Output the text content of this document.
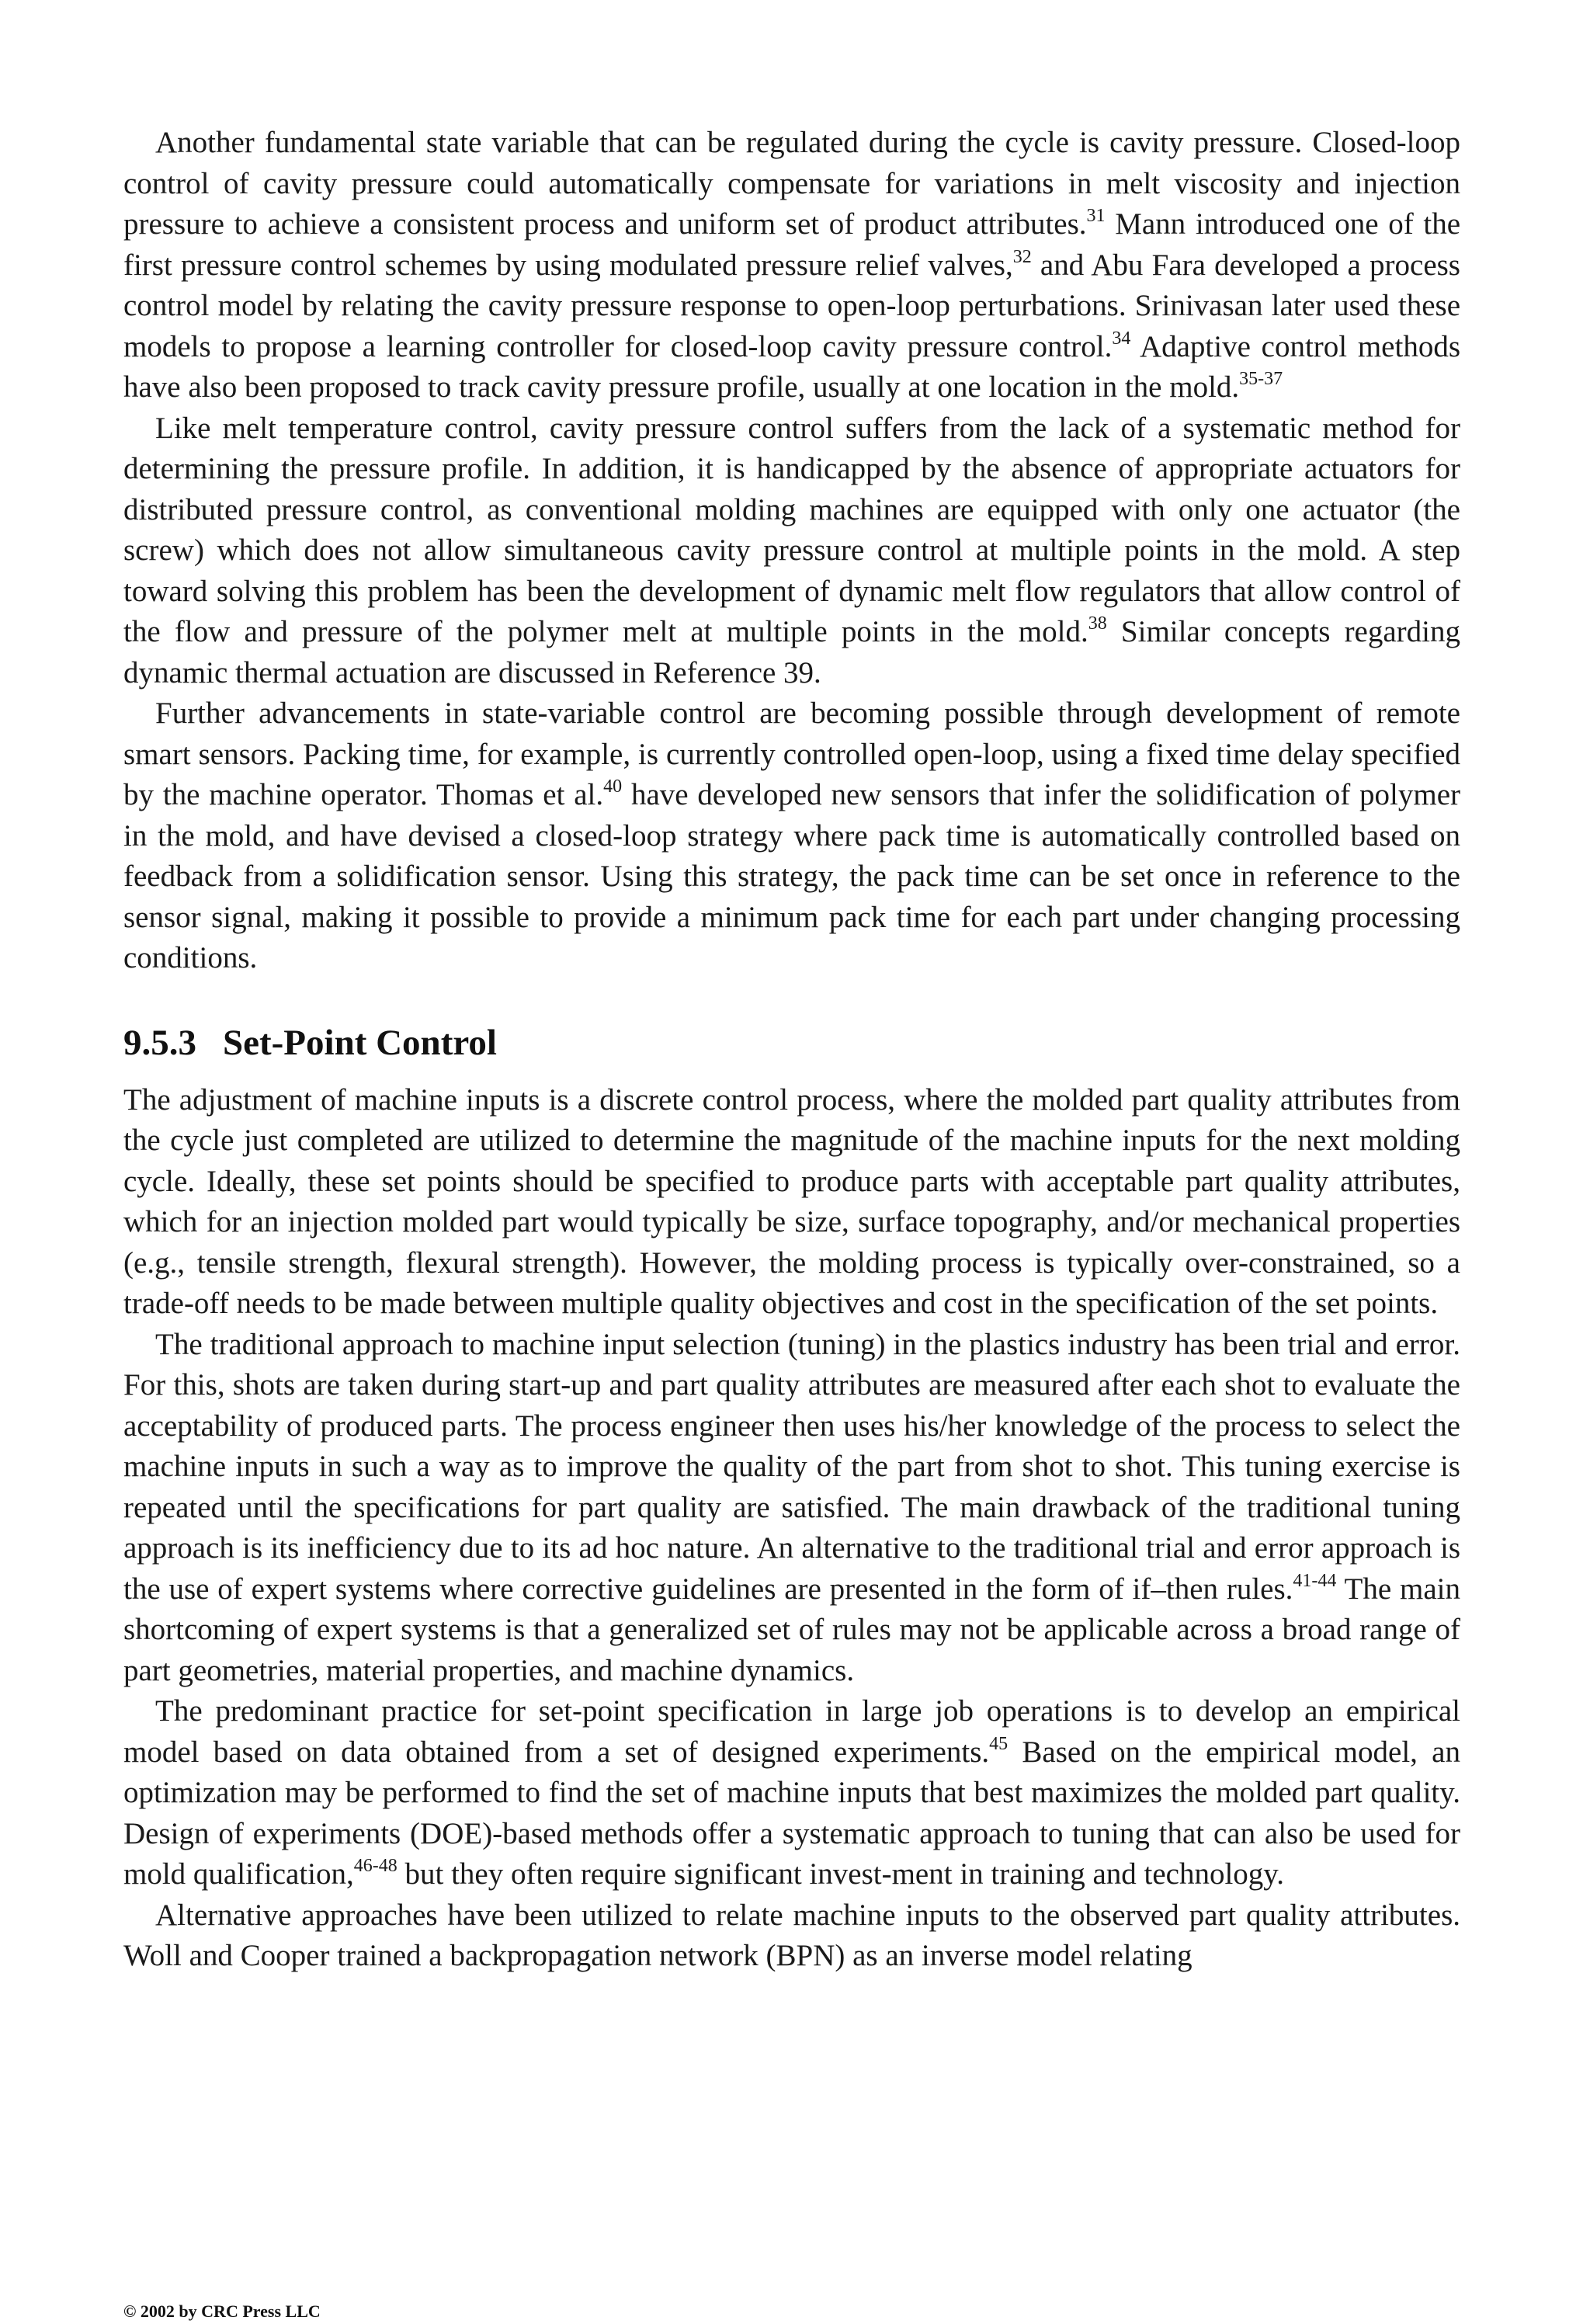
Another fundamental state variable that can be regulated during the cycle is cavity pressure. Closed-loop control of cavity pressure could automatically compensate for variations in melt viscosity and injection pressure to achieve a consistent process and uniform set of product attributes.$^{31}$ Mann introduced one of the first pressure control schemes by using modulated pressure relief valves,$^{32}$ and Abu Fara developed a process control model by relating the cavity pressure response to open-loop perturbations. Srinivasan later used these models to propose a learning controller for closed-loop cavity pressure control.$^{34}$ Adaptive control methods have also been proposed to track cavity pressure profile, usually at one location in the mold.$^{35-37}$

Like melt temperature control, cavity pressure control suffers from the lack of a systematic method for determining the pressure profile. In addition, it is handicapped by the absence of appropriate actuators for distributed pressure control, as conventional molding machines are equipped with only one actuator (the screw) which does not allow simultaneous cavity pressure control at multiple points in the mold. A step toward solving this problem has been the development of dynamic melt flow regulators that allow control of the flow and pressure of the polymer melt at multiple points in the mold.$^{38}$ Similar concepts regarding dynamic thermal actuation are discussed in Reference 39.

Further advancements in state-variable control are becoming possible through development of remote smart sensors. Packing time, for example, is currently controlled open-loop, using a fixed time delay specified by the machine operator. Thomas et al.$^{40}$ have developed new sensors that infer the solidification of polymer in the mold, and have devised a closed-loop strategy where pack time is automatically controlled based on feedback from a solidification sensor. Using this strategy, the pack time can be set once in reference to the sensor signal, making it possible to provide a minimum pack time for each part under changing processing conditions.

9.5.3 Set-Point Control

The adjustment of machine inputs is a discrete control process, where the molded part quality attributes from the cycle just completed are utilized to determine the magnitude of the machine inputs for the next molding cycle. Ideally, these set points should be specified to produce parts with acceptable part quality attributes, which for an injection molded part would typically be size, surface topography, and/or mechanical properties (e.g., tensile strength, flexural strength). However, the molding process is typically over-constrained, so a trade-off needs to be made between multiple quality objectives and cost in the specification of the set points.

The traditional approach to machine input selection (tuning) in the plastics industry has been trial and error. For this, shots are taken during start-up and part quality attributes are measured after each shot to evaluate the acceptability of produced parts. The process engineer then uses his/her knowledge of the process to select the machine inputs in such a way as to improve the quality of the part from shot to shot. This tuning exercise is repeated until the specifications for part quality are satisfied. The main drawback of the traditional tuning approach is its inefficiency due to its ad hoc nature. An alternative to the traditional trial and error approach is the use of expert systems where corrective guidelines are presented in the form of if–then rules.$^{41-44}$ The main shortcoming of expert systems is that a generalized set of rules may not be applicable across a broad range of part geometries, material properties, and machine dynamics.

The predominant practice for set-point specification in large job operations is to develop an empirical model based on data obtained from a set of designed experiments.$^{45}$ Based on the empirical model, an optimization may be performed to find the set of machine inputs that best maximizes the molded part quality. Design of experiments (DOE)-based methods offer a systematic approach to tuning that can also be used for mold qualification,$^{46-48}$ but they often require significant invest-ment in training and technology.

Alternative approaches have been utilized to relate machine inputs to the observed part quality attributes. Woll and Cooper trained a backpropagation network (BPN) as an inverse model relating

© 2002 by CRC Press LLC
